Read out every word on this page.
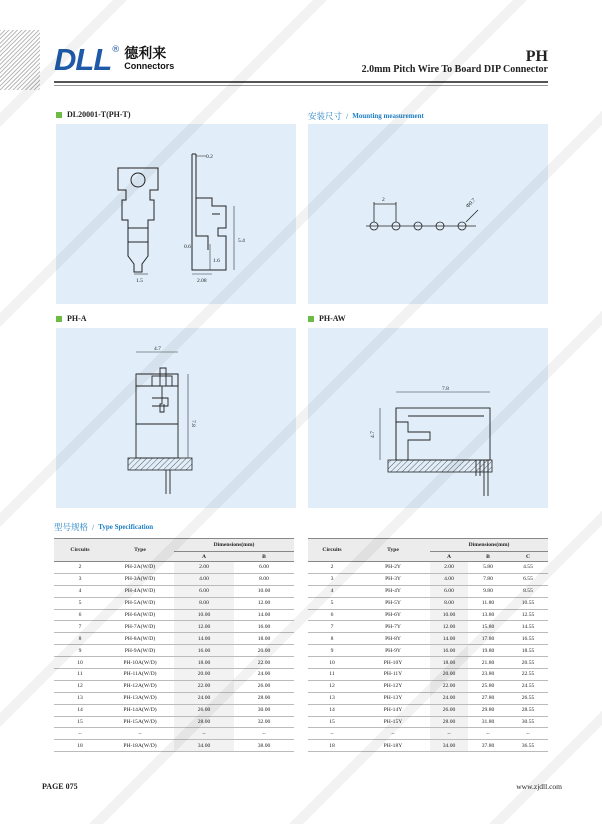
DLL ® 德利来
Connectors
PH
2.0mm Pitch Wire To Board DIP Connector
DL20001-T(PH-T)	安装尺寸 / Mounting measurement
PH-A	PH-AW
0.2
5.4
1.6
2.08
1.5
0.6
2	Φ0.7
4.7
7.8
7.8
4.7
型号规格 / Type Specification
Circuits	Type	Dimensions(mm)	
		A	B
2	PH-2A(W/D)	2.00	6.00
3	PH-3A(W/D)	4.00	8.00
4	PH-4A(W/D)	6.00	10.00
5	PH-5A(W/D)	8.00	12.00
6	PH-6A(W/D)	10.00	14.00
7	PH-7A(W/D)	12.00	16.00
8	PH-8A(W/D)	14.00	18.00
9	PH-9A(W/D)	16.00	20.00
10	PH-10A(W/D)	18.00	22.00
11	PH-11A(W/D)	20.00	24.00
12	PH-12A(W/D)	22.00	26.00
13	PH-13A(W/D)	24.00	28.00
14	PH-14A(W/D)	26.00	30.00
15	PH-15A(W/D)	28.00	32.00
~	~	~	~
18	PH-18A(W/D)	34.00	38.00
Circuits	Type	Dimensions(mm)		
		A	B	C
2	PH-2Y	2.00	5.80	4.55
3	PH-3Y	4.00	7.80	6.55
4	PH-4Y	6.00	9.80	8.55
5	PH-5Y	8.00	11.80	10.55
6	PH-6Y	10.00	13.80	12.55
7	PH-7Y	12.00	15.80	14.55
8	PH-8Y	14.00	17.80	16.55
9	PH-9Y	16.00	19.80	18.55
10	PH-10Y	18.00	21.80	20.55
11	PH-11Y	20.00	23.80	22.55
12	PH-12Y	22.00	25.80	24.55
13	PH-13Y	24.00	27.80	26.55
14	PH-14Y	26.00	29.80	28.55
15	PH-15Y	28.00	31.80	30.55
~	~	~	~	~
18	PH-18Y	34.00	37.80	36.55
PAGE 075	www.zjdll.com
